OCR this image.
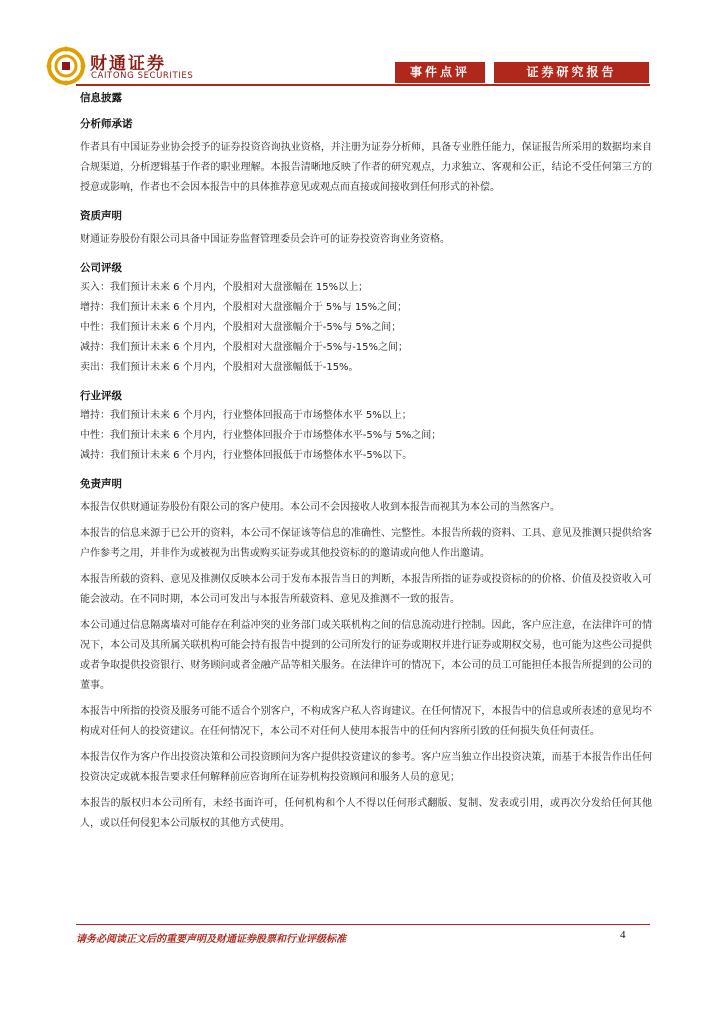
财通证券
CAITONG SECURITIES	事件点评	证券研究报告
信息披露
分析师承诺
作者具有中国证券业协会授予的证券投资咨询执业资格，并注册为证券分析师，具备专业胜任能力，保证报告所采用的数据均来自合规渠道，分析逻辑基于作者的职业理解。本报告清晰地反映了作者的研究观点，力求独立、客观和公正，结论不受任何第三方的授意或影响，作者也不会因本报告中的具体推荐意见或观点而直接或间接收到任何形式的补偿。
资质声明
财通证券股份有限公司具备中国证券监督管理委员会许可的证券投资咨询业务资格。
公司评级
买入：我们预计未来 6 个月内，个股相对大盘涨幅在 15%以上；
增持：我们预计未来 6 个月内，个股相对大盘涨幅介于 5%与 15%之间；
中性：我们预计未来 6 个月内，个股相对大盘涨幅介于-5%与 5%之间；
减持：我们预计未来 6 个月内，个股相对大盘涨幅介于-5%与-15%之间；
卖出：我们预计未来 6 个月内，个股相对大盘涨幅低于-15%。
行业评级
增持：我们预计未来 6 个月内，行业整体回报高于市场整体水平 5%以上；
中性：我们预计未来 6 个月内，行业整体回报介于市场整体水平-5%与 5%之间；
减持：我们预计未来 6 个月内，行业整体回报低于市场整体水平-5%以下。
免责声明
本报告仅供财通证券股份有限公司的客户使用。本公司不会因接收人收到本报告而视其为本公司的当然客户。
本报告的信息来源于已公开的资料，本公司不保证该等信息的准确性、完整性。本报告所载的资料、工具、意见及推测只提供给客户作参考之用，并非作为或被视为出售或购买证券或其他投资标的的邀请或向他人作出邀请。
本报告所载的资料、意见及推测仅反映本公司于发布本报告当日的判断，本报告所指的证券或投资标的的价格、价值及投资收入可能会波动。在不同时期，本公司可发出与本报告所载资料、意见及推测不一致的报告。
本公司通过信息隔离墙对可能存在利益冲突的业务部门或关联机构之间的信息流动进行控制。因此，客户应注意，在法律许可的情况下，本公司及其所属关联机构可能会持有报告中提到的公司所发行的证券或期权并进行证券或期权交易，也可能为这些公司提供或者争取提供投资银行、财务顾问或者金融产品等相关服务。在法律许可的情况下，本公司的员工可能担任本报告所提到的公司的董事。
本报告中所指的投资及服务可能不适合个别客户，不构成客户私人咨询建议。在任何情况下，本报告中的信息或所表述的意见均不构成对任何人的投资建议。在任何情况下，本公司不对任何人使用本报告中的任何内容所引致的任何损失负任何责任。
本报告仅作为客户作出投资决策和公司投资顾问为客户提供投资建议的参考。客户应当独立作出投资决策，而基于本报告作出任何投资决定或就本报告要求任何解释前应咨询所在证券机构投资顾问和服务人员的意见；
本报告的版权归本公司所有，未经书面许可，任何机构和个人不得以任何形式翻版、复制、发表或引用，或再次分发给任何其他人，或以任何侵犯本公司版权的其他方式使用。
请务必阅读正文后的重要声明及财通证券股票和行业评级标准	4
